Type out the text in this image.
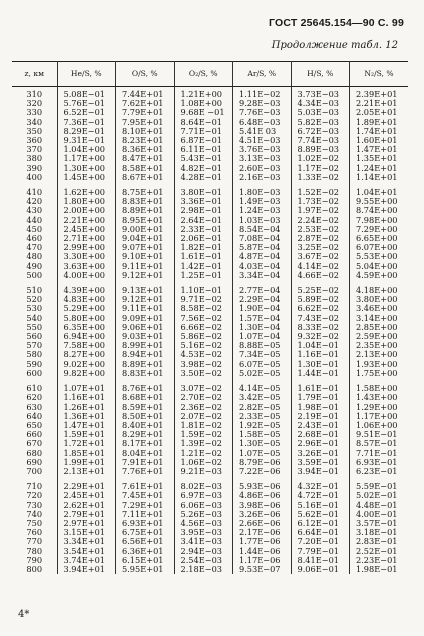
ГОСТ 25645.154—90 С. 99
Продолжение табл. 12
z, км	He/S, %	O/S, %	O₂/S, %	Ar/S, %	H/S, %	N₂/S, %
310	5.08E−01	7.44E+01	1.21E+00	1.11E−02	3.73E−03	2.39E+01
320	5.76E−01	7.62E+01	1.08E+00	9.28E−03	4.34E−03	2.21E+01
330	6.52E−01	7.79E+01	9.68E −01	7.76E−03	5.03E−03	2.05E+01
340	7.36E−01	7.95E+01	8.64E−01	6.48E−03	5.82E−03	1.89E+01
350	8.29E−01	8.10E+01	7.71E−01	5.41E 03	6.72E−03	1.74E+01
360	9.31E−01	8.23E+01	6.87E−01	4.51E−03	7.74E−03	1.60E+01
370	1.04E+00	8.36E+01	6.11E−01	3.76E−03	8.89E−03	1.47E+01
380	1.17E+00	8.47E+01	5.43E−01	3.13E−03	1.02E−02	1.35E+01
390	1.30E+00	8.58E+01	4.82E−01	2.60E−03	1.17E−02	1.24E+01
400	1.45E+00	8.67E+01	4.28E−01	2.16E−03	1.33E−02	1.14E+01
410	1.62E+00	8.75E+01	3.80E−01	1.80E−03	1.52E−02	1.04E+01
420	1.80E+00	8.83E+01	3.36E−01	1.49E−03	1.73E−02	9.55E+00
430	2.00E+00	8.89E+01	2.98E−01	1.24E−03	1.97E−02	8.74E+00
440	2.21E+00	8.95E+01	2.64E−01	1.03E−03	2.24E−02	7.98E+00
450	2.45E+00	9.00E+01	2.33E−01	8.54E−04	2.53E−02	7.29E+00
460	2.71E+00	9.04E+01	2.06E−01	7.08E−04	2.87E−02	6.65E+00
470	2.99E+00	9.07E+01	1.82E−01	5.87E−04	3.25E−02	6.07E+00
480	3.30E+00	9.10E+01	1.61E−01	4.87E−04	3.67E−02	5.53E+00
490	3.63E+00	9.11E+01	1.42E−01	4.03E−04	4.14E−02	5.04E+00
500	4.00E+00	9.12E+01	1.25E−01	3.34E−04	4.66E−02	4.59E+00
510	4.39E+00	9.13E+01	1.10E−01	2.77E−04	5.25E−02	4.18E+00
520	4.83E+00	9.12E+01	9.71E−02	2.29E−04	5.89E−02	3.80E+00
530	5.29E+00	9.11E+01	8.58E−02	1.90E−04	6.62E−02	3.46E+00
540	5.80E+00	9.09E+01	7.56E−02	1.57E−04	7.43E−02	3.14E+00
550	6.35E+00	9.06E+01	6.66E−02	1.30E−04	8.33E−02	2.85E+00
560	6.94E+00	9.03E+01	5.86E−02	1.07E−04	9.32E−02	2.59E+00
570	7.58E+00	8.99E+01	5.16E−02	8.88E−05	1.04E−01	2.35E+00
580	8.27E+00	8.94E+01	4.53E−02	7.34E−05	1.16E−01	2.13E+00
590	9.02E+00	8.89E+01	3.98E−02	6.07E−05	1.30E−01	1.93E+00
600	9.82E+00	8.83E+01	3.50E−02	5.02E−05	1.44E−01	1.75E+00
610	1.07E+01	8.76E+01	3.07E−02	4.14E−05	1.61E−01	1.58E+00
620	1.16E+01	8.68E+01	2.70E−02	3.42E−05	1.79E−01	1.43E+00
630	1.26E+01	8.59E+01	2.36E−02	2.82E−05	1.98E−01	1.29E+00
640	1.36E+01	8.50E+01	2.07E−02	2.33E−05	2.19E−01	1.17E+00
650	1.47E+01	8.40E+01	1.81E−02	1.92E−05	2.43E−01	1.06E+00
660	1.59E+01	8.29E+01	1.59E−02	1.58E−05	2.68E−01	9.51E−01
670	1.72E+01	8.17E+01	1.39E−02	1.30E−05	2.96E−01	8.57E−01
680	1.85E+01	8.04E+01	1.21E−02	1.07E−05	3.26E−01	7.71E−01
690	1.99E+01	7.91E+01	1.06E−02	8.79E−06	3.59E−01	6.93E−01
700	2.13E+01	7.76E+01	9.21E−03	7.22E−06	3.94E−01	6.23E−01
710	2.29E+01	7.61E+01	8.02E−03	5.93E−06	4.32E−01	5.59E−01
720	2.45E+01	7.45E+01	6.97E−03	4.86E−06	4.72E−01	5.02E−01
730	2.62E+01	7.29E+01	6.06E−03	3.98E−06	5.16E−01	4.48E−01
740	2.79E+01	7.11E+01	5.26E−03	3.26E−06	5.62E−01	4.00E−01
750	2.97E+01	6.93E+01	4.56E−03	2.66E−06	6.12E−01	3.57E−01
760	3.15E+01	6.75E+01	3.95E−03	2.17E−06	6.64E−01	3.18E−01
770	3.34E+01	6.56E+01	3.41E−03	1.77E−06	7.20E−01	2.83E−01
780	3.54E+01	6.36E+01	2.94E−03	1.44E−06	7.79E−01	2.52E−01
790	3.74E+01	6.15E+01	2.54E−03	1.17E−06	8.41E−01	2.23E−01
800	3.94E+01	5.95E+01	2.18E−03	9.53E−07	9.06E−01	1.98E−01
4*
